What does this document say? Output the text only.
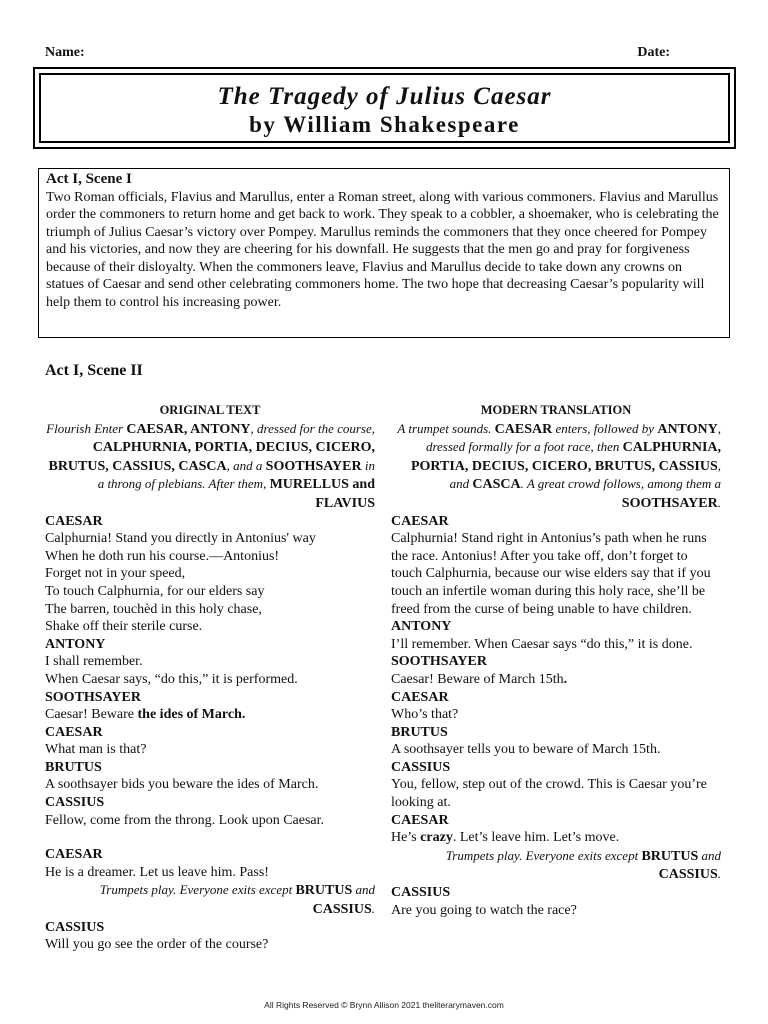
Name:	Date:
The Tragedy of Julius Caesar
by William Shakespeare
Act I, Scene I
Two Roman officials, Flavius and Marullus, enter a Roman street, along with various commoners. Flavius and Marullus order the commoners to return home and get back to work. They speak to a cobbler, a shoemaker, who is celebrating the triumph of Julius Caesar’s victory over Pompey. Marullus reminds the commoners that they once cheered for Pompey and his victories, and now they are cheering for his downfall. He suggests that the men go and pray for forgiveness because of their disloyalty. When the commoners leave, Flavius and Marullus decide to take down any crowns on statues of Caesar and send other celebrating commoners home. The two hope that decreasing Caesar’s popularity will help them to control his increasing power.
Act I, Scene II
ORIGINAL TEXT
Flourish Enter CAESAR, ANTONY, dressed for the course, CALPHURNIA, PORTIA, DECIUS, CICERO, BRUTUS, CASSIUS, CASCA, and a SOOTHSAYER in a throng of plebians. After them, MURELLUS and FLAVIUS
CAESAR
Calphurnia! Stand you directly in Antonius' way
When he doth run his course.—Antonius!
Forget not in your speed,
To touch Calphurnia, for our elders say
The barren, touchèd in this holy chase,
Shake off their sterile curse.
ANTONY
I shall remember.
When Caesar says, “do this,” it is performed.
SOOTHSAYER
Caesar! Beware the ides of March.
CAESAR
What man is that?
BRUTUS
A soothsayer bids you beware the ides of March.
CASSIUS
Fellow, come from the throng. Look upon Caesar.
CAESAR
He is a dreamer. Let us leave him. Pass!
Trumpets play. Everyone exits except BRUTUS and CASSIUS.
CASSIUS
Will you go see the order of the course?
MODERN TRANSLATION
A trumpet sounds. CAESAR enters, followed by ANTONY, dressed formally for a foot race, then CALPHURNIA, PORTIA, DECIUS, CICERO, BRUTUS, CASSIUS, and CASCA. A great crowd follows, among them a SOOTHSAYER.
CAESAR
Calphurnia! Stand right in Antonius’s path when he runs the race. Antonius! After you take off, don’t forget to touch Calphurnia, because our wise elders say that if you touch an infertile woman during this holy race, she’ll be freed from the curse of being unable to have children.
ANTONY
I’ll remember. When Caesar says “do this,” it is done.
SOOTHSAYER
Caesar! Beware of March 15th.
CAESAR
Who’s that?
BRUTUS
A soothsayer tells you to beware of March 15th.
CASSIUS
You, fellow, step out of the crowd. This is Caesar you’re looking at.
CAESAR
He’s crazy. Let’s leave him. Let’s move.
Trumpets play. Everyone exits except BRUTUS and CASSIUS.
CASSIUS
Are you going to watch the race?
All Rights Reserved © Brynn Allison 2021 theliterarymaven.com
